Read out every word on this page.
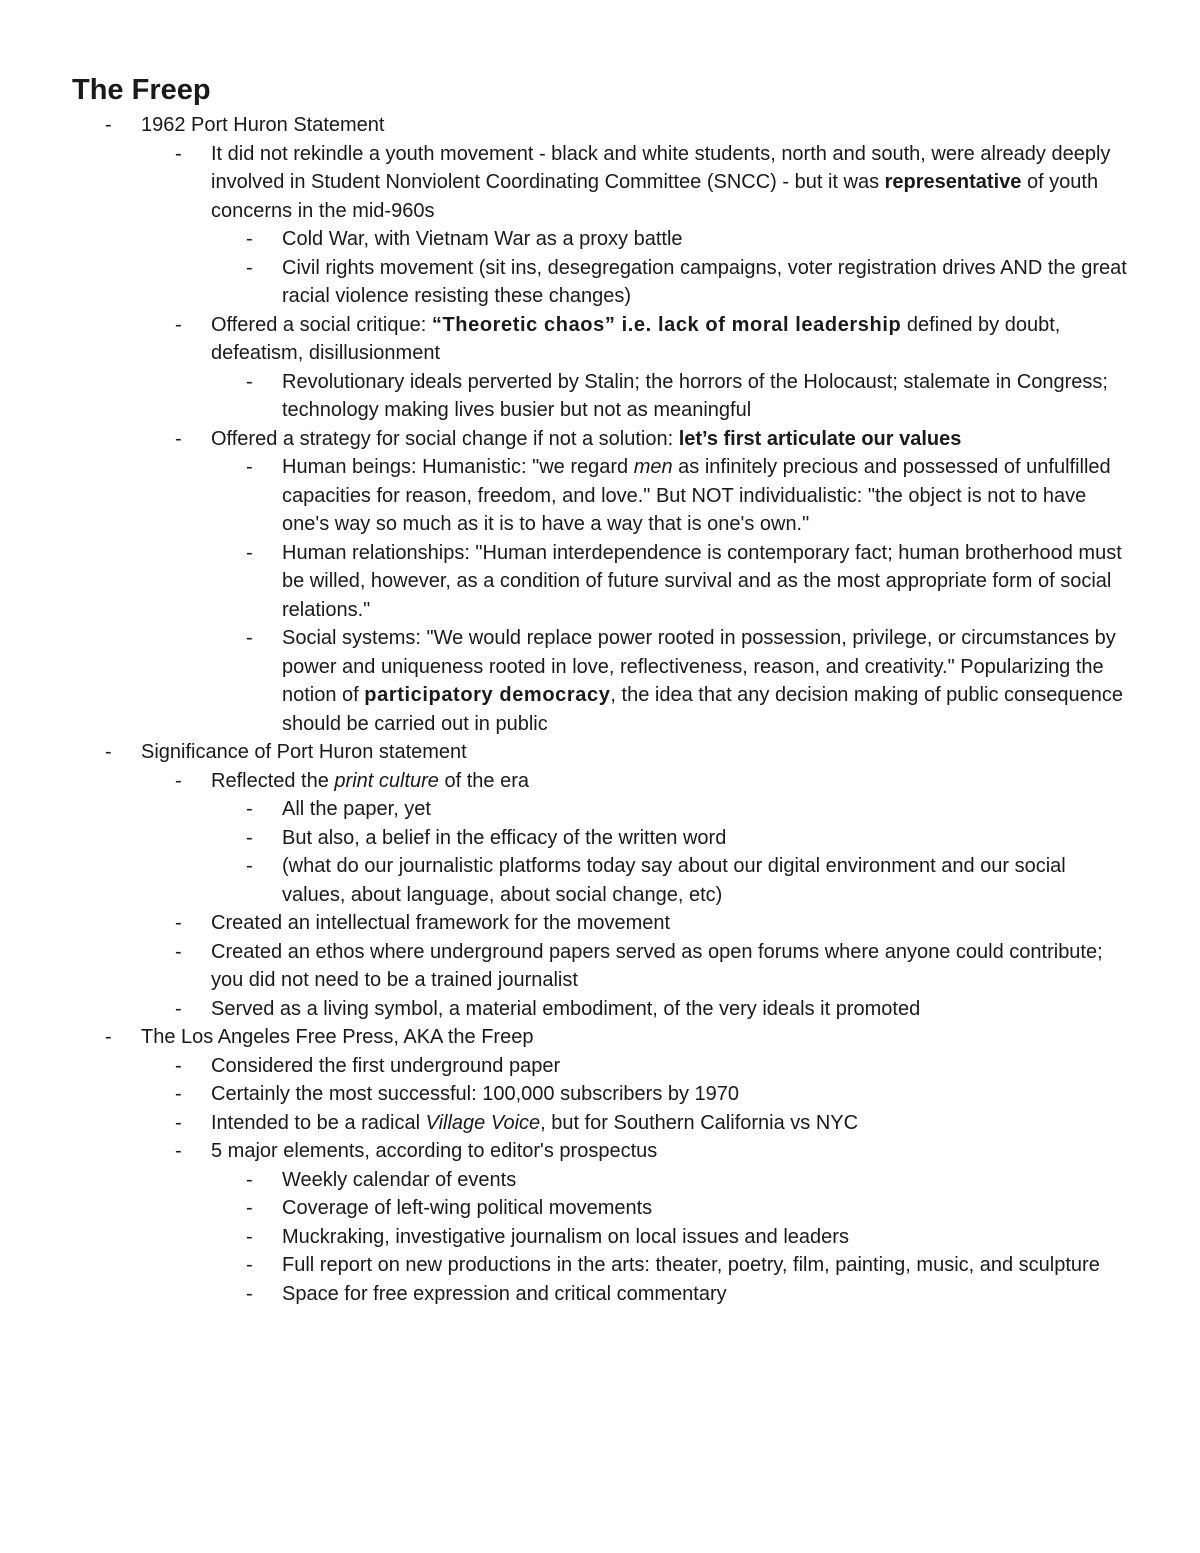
The Freep
- 1962 Port Huron Statement
- It did not rekindle a youth movement - black and white students, north and south, were already deeply involved in Student Nonviolent Coordinating Committee (SNCC) - but it was representative of youth concerns in the mid-960s
- Cold War, with Vietnam War as a proxy battle
- Civil rights movement (sit ins, desegregation campaigns, voter registration drives AND the great racial violence resisting these changes)
- Offered a social critique: “Theoretic chaos” i.e. lack of moral leadership defined by doubt, defeatism, disillusionment
- Revolutionary ideals perverted by Stalin; the horrors of the Holocaust; stalemate in Congress; technology making lives busier but not as meaningful
- Offered a strategy for social change if not a solution: let’s first articulate our values
- Human beings: Humanistic: "we regard men as infinitely precious and possessed of unfulfilled capacities for reason, freedom, and love." But NOT individualistic: "the object is not to have one's way so much as it is to have a way that is one's own."
- Human relationships: "Human interdependence is contemporary fact; human brotherhood must be willed, however, as a condition of future survival and as the most appropriate form of social relations."
- Social systems: "We would replace power rooted in possession, privilege, or circumstances by power and uniqueness rooted in love, reflectiveness, reason, and creativity." Popularizing the notion of participatory democracy, the idea that any decision making of public consequence should be carried out in public
- Significance of Port Huron statement
- Reflected the print culture of the era
- All the paper, yet
- But also, a belief in the efficacy of the written word
- (what do our journalistic platforms today say about our digital environment and our social values, about language, about social change, etc)
- Created an intellectual framework for the movement
- Created an ethos where underground papers served as open forums where anyone could contribute; you did not need to be a trained journalist
- Served as a living symbol, a material embodiment, of the very ideals it promoted
- The Los Angeles Free Press, AKA the Freep
- Considered the first underground paper
- Certainly the most successful: 100,000 subscribers by 1970
- Intended to be a radical Village Voice, but for Southern California vs NYC
- 5 major elements, according to editor's prospectus
- Weekly calendar of events
- Coverage of left-wing political movements
- Muckraking, investigative journalism on local issues and leaders
- Full report on new productions in the arts: theater, poetry, film, painting, music, and sculpture
- Space for free expression and critical commentary
